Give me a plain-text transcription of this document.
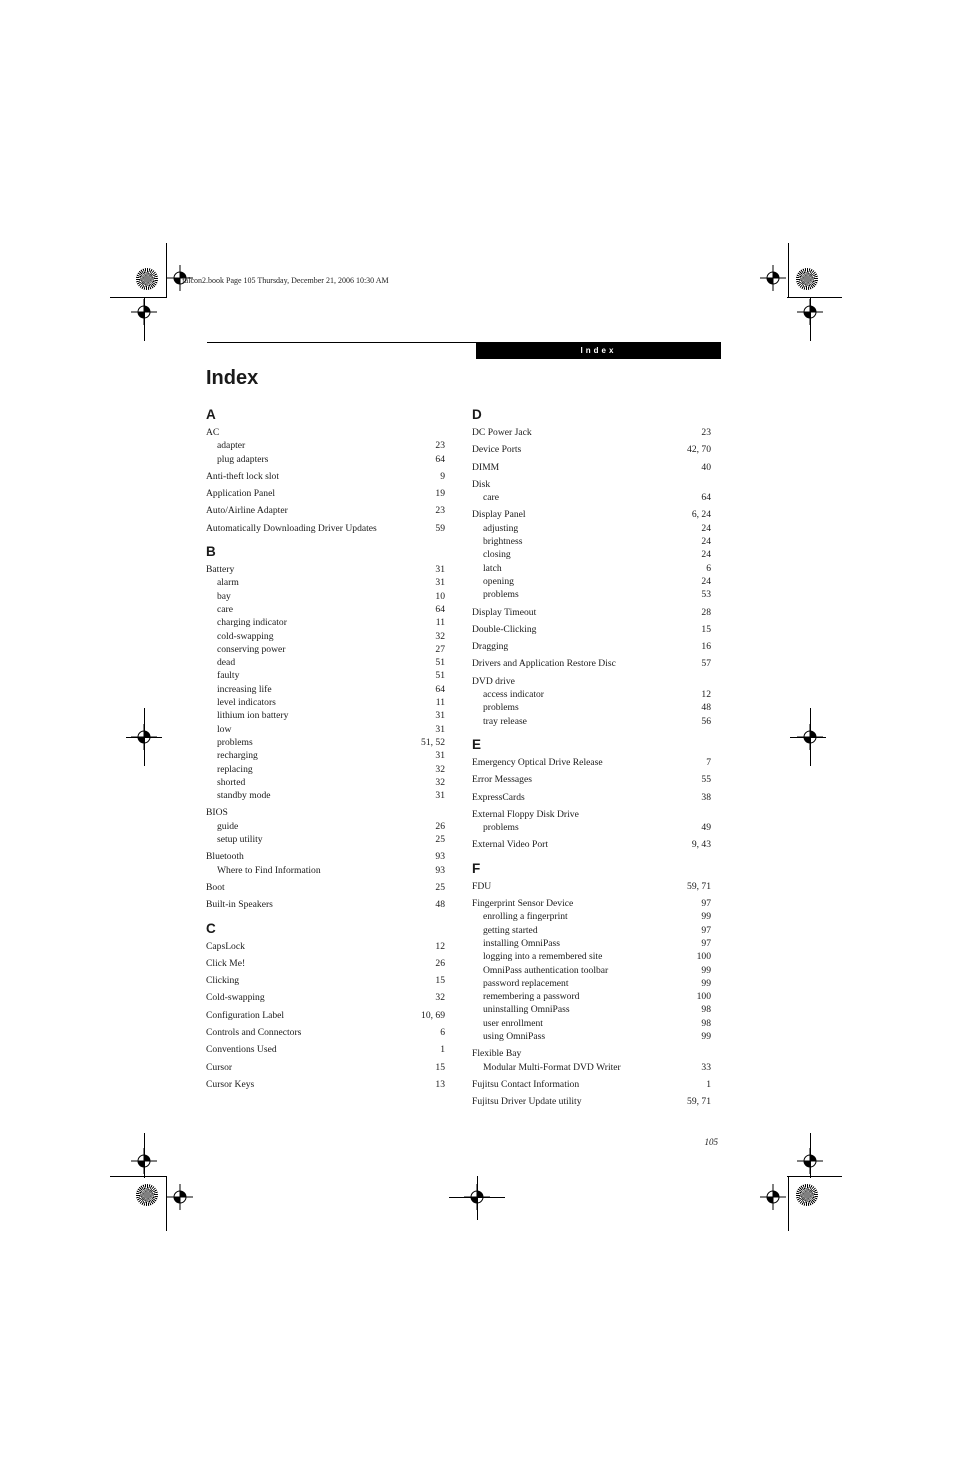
falcon2.book Page 105 Thursday, December 21, 2006 10:30 AM
Index
Index
A
AC
adapter	23
plug adapters	64
Anti-theft lock slot	9
Application Panel	19
Auto/Airline Adapter	23
Automatically Downloading Driver Updates	59
B
Battery	31
alarm	31
bay	10
care	64
charging indicator	11
cold-swapping	32
conserving power	27
dead	51
faulty	51
increasing life	64
level indicators	11
lithium ion battery	31
low	31
problems	51, 52
recharging	31
replacing	32
shorted	32
standby mode	31
BIOS
guide	26
setup utility	25
Bluetooth	93
Where to Find Information	93
Boot	25
Built-in Speakers	48
C
CapsLock	12
Click Me!	26
Clicking	15
Cold-swapping	32
Configuration Label	10, 69
Controls and Connectors	6
Conventions Used	1
Cursor	15
Cursor Keys	13
D
DC Power Jack	23
Device Ports	42, 70
DIMM	40
Disk
care	64
Display Panel	6, 24
adjusting	24
brightness	24
closing	24
latch	6
opening	24
problems	53
Display Timeout	28
Double-Clicking	15
Dragging	16
Drivers and Application Restore Disc	57
DVD drive
access indicator	12
problems	48
tray release	56
E
Emergency Optical Drive Release	7
Error Messages	55
ExpressCards	38
External Floppy Disk Drive
problems	49
External Video Port	9, 43
F
FDU	59, 71
Fingerprint Sensor Device	97
enrolling a fingerprint	99
getting started	97
installing OmniPass	97
logging into a remembered site	100
OmniPass authentication toolbar	99
password replacement	99
remembering a password	100
uninstalling OmniPass	98
user enrollment	98
using OmniPass	99
Flexible Bay
Modular Multi-Format DVD Writer	33
Fujitsu Contact Information	1
Fujitsu Driver Update utility	59, 71
105
